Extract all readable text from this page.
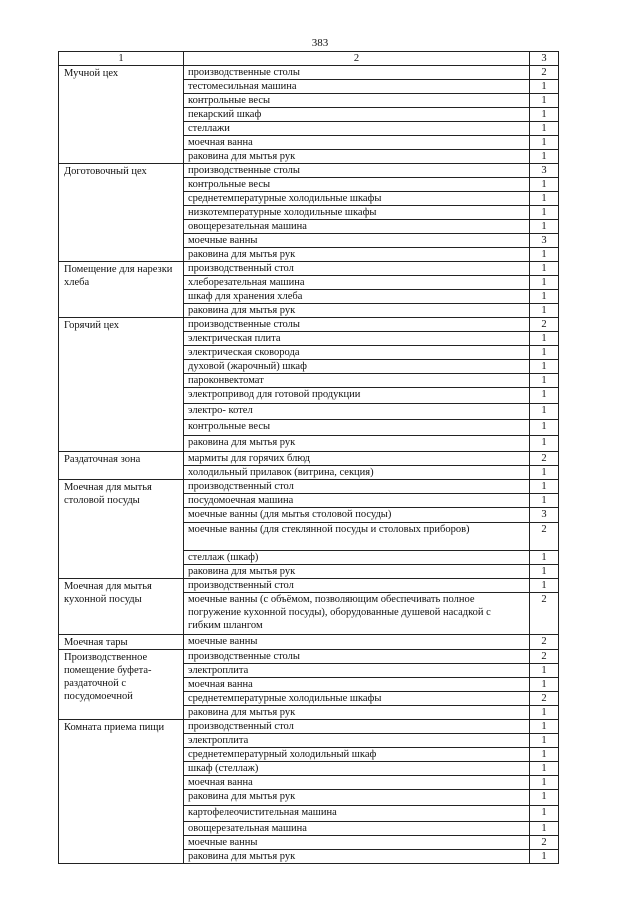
383
1	2	3
Мучной цех	производственные столы	2
	тестомесильная машина	1
	контрольные весы	1
	пекарский шкаф	1
	стеллажи	1
	моечная ванна	1
	раковина для мытья рук	1
Доготовочный цех	производственные столы	3
	контрольные весы	1
	среднетемпературные холодильные шкафы	1
	низкотемпературные холодильные шкафы	1
	овощерезательная машина	1
	моечные ванны	3
	раковина для мытья рук	1
Помещение для нарезки хлеба	производственный стол	1
	хлеборезательная машина	1
	шкаф для хранения хлеба	1
	раковина для мытья рук	1
Горячий цех	производственные столы	2
	электрическая плита	1
	электрическая сковорода	1
	духовой (жарочный) шкаф	1
	пароконвектомат	1
	электропривод для готовой продукции	1
	электро- котел	1
	контрольные весы	1
	раковина для мытья рук	1
Раздаточная зона	мармиты для горячих блюд	2
	холодильный прилавок (витрина, секция)	1
Моечная для мытья столовой посуды	производственный стол	1
	посудомоечная машина	1
	моечные ванны (для мытья столовой посуды)	3
	моечные ванны (для стеклянной посуды и столовых приборов)	2
	стеллаж (шкаф)	1
	раковина для мытья рук	1
Моечная для мытья кухонной посуды	производственный стол	1
	моечные ванны (с объёмом, позволяющим обеспечивать полное погружение кухонной посуды), оборудованные душевой насадкой с гибким шлангом	2
Моечная тары	моечные ванны	2
Производственное помещение буфета-раздаточной с посудомоечной	производственные столы	2
	электроплита	1
	моечная ванна	1
	среднетемпературные холодильные шкафы	2
	раковина для мытья рук	1
Комната приема пищи	производственный стол	1
	электроплита	1
	среднетемпературный холодильный шкаф	1
	шкаф (стеллаж)	1
	моечная ванна	1
	раковина для мытья рук	1
	картофелеочистительная машина	1
	овощерезательная машина	1
	моечные ванны	2
	раковина для мытья рук	1
